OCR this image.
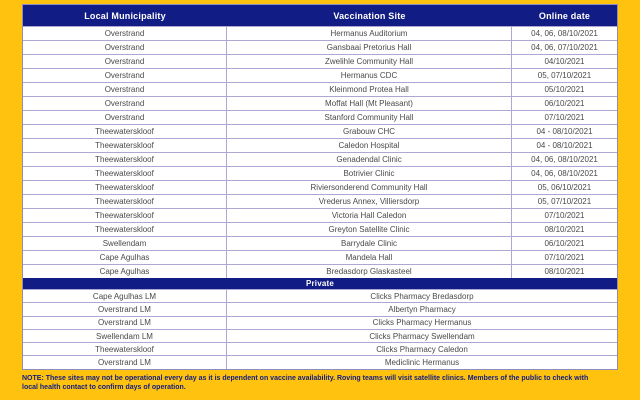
Local Municipality	Vaccination Site	Online date
Overstrand	Hermanus Auditorium	04, 06, 08/10/2021
Overstrand	Gansbaai Pretorius Hall	04, 06, 07/10/2021
Overstrand	Zwelihle Community Hall	04/10/2021
Overstrand	Hermanus CDC	05, 07/10/2021
Overstrand	Kleinmond Protea Hall	05/10/2021
Overstrand	Moffat Hall (Mt Pleasant)	06/10/2021
Overstrand	Stanford Community Hall	07/10/2021
Theewaterskloof	Grabouw CHC	04 - 08/10/2021
Theewaterskloof	Caledon Hospital	04 - 08/10/2021
Theewaterskloof	Genadendal Clinic	04, 06, 08/10/2021
Theewaterskloof	Botrivier Clinic	04, 06, 08/10/2021
Theewaterskloof	Riviersonderend Community Hall	05, 06/10/2021
Theewaterskloof	Vrederus Annex, Villiersdorp	05, 07/10/2021
Theewaterskloof	Victoria Hall Caledon	07/10/2021
Theewaterskloof	Greyton Satellite Clinic	08/10/2021
Swellendam	Barrydale Clinic	06/10/2021
Cape Agulhas	Mandela Hall	07/10/2021
Cape Agulhas	Bredasdorp Glaskasteel	08/10/2021
Private
Cape Agulhas LM	Clicks Pharmacy Bredasdorp
Overstrand LM	Albertyn Pharmacy
Overstrand LM	Clicks Pharmacy Hermanus
Swellendam LM	Clicks Pharmacy Swellendam
Theewaterskloof	Clicks Pharmacy Caledon
Overstrand LM	Mediclinic Hermanus
NOTE: These sites may not be operational every day as it is dependent on vaccine availability. Roving teams will visit satellite clinics. Members of the public to check with local health contact to confirm days of operation.
